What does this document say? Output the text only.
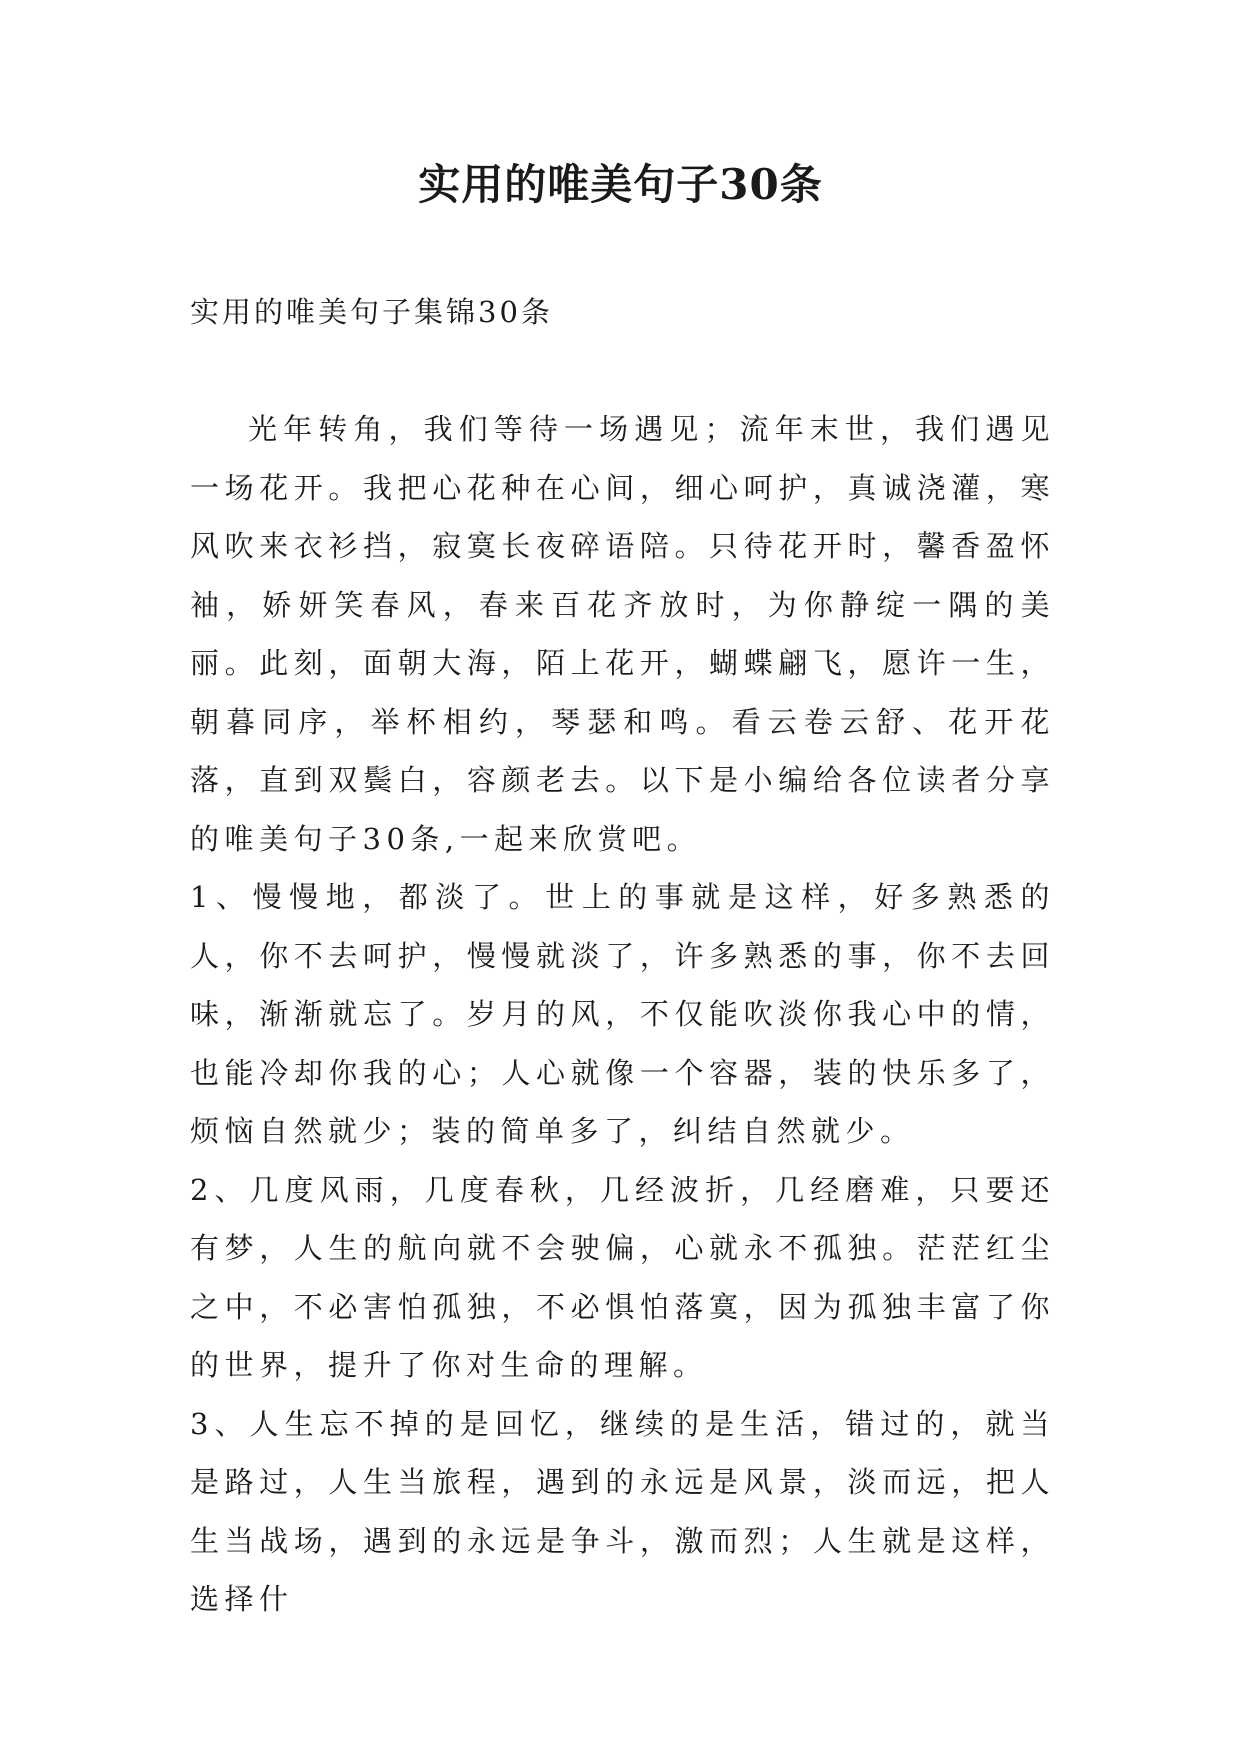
实用的唯美句子30条

实用的唯美句子集锦30条

光年转角，我们等待一场遇见；流年末世，我们遇见一场花开。我把心花种在心间，细心呵护，真诚浇灌，寒风吹来衣衫挡，寂寞长夜碎语陪。只待花开时，馨香盈怀袖，娇妍笑春风，春来百花齐放时，为你静绽一隅的美丽。此刻，面朝大海，陌上花开，蝴蝶翩飞，愿许一生，朝暮同序，举杯相约，琴瑟和鸣。看云卷云舒、花开花落，直到双鬓白，容颜老去。以下是小编给各位读者分享的唯美句子30条,一起来欣赏吧。

1、慢慢地，都淡了。世上的事就是这样，好多熟悉的人，你不去呵护，慢慢就淡了，许多熟悉的事，你不去回味，渐渐就忘了。岁月的风，不仅能吹淡你我心中的情，也能冷却你我的心；人心就像一个容器，装的快乐多了，烦恼自然就少；装的简单多了，纠结自然就少。

2、几度风雨，几度春秋，几经波折，几经磨难，只要还有梦，人生的航向就不会驶偏，心就永不孤独。茫茫红尘之中，不必害怕孤独，不必惧怕落寞，因为孤独丰富了你的世界，提升了你对生命的理解。

3、人生忘不掉的是回忆，继续的是生活，错过的，就当是路过，人生当旅程，遇到的永远是风景，淡而远，把人生当战场，遇到的永远是争斗，激而烈；人生就是这样，选择什
